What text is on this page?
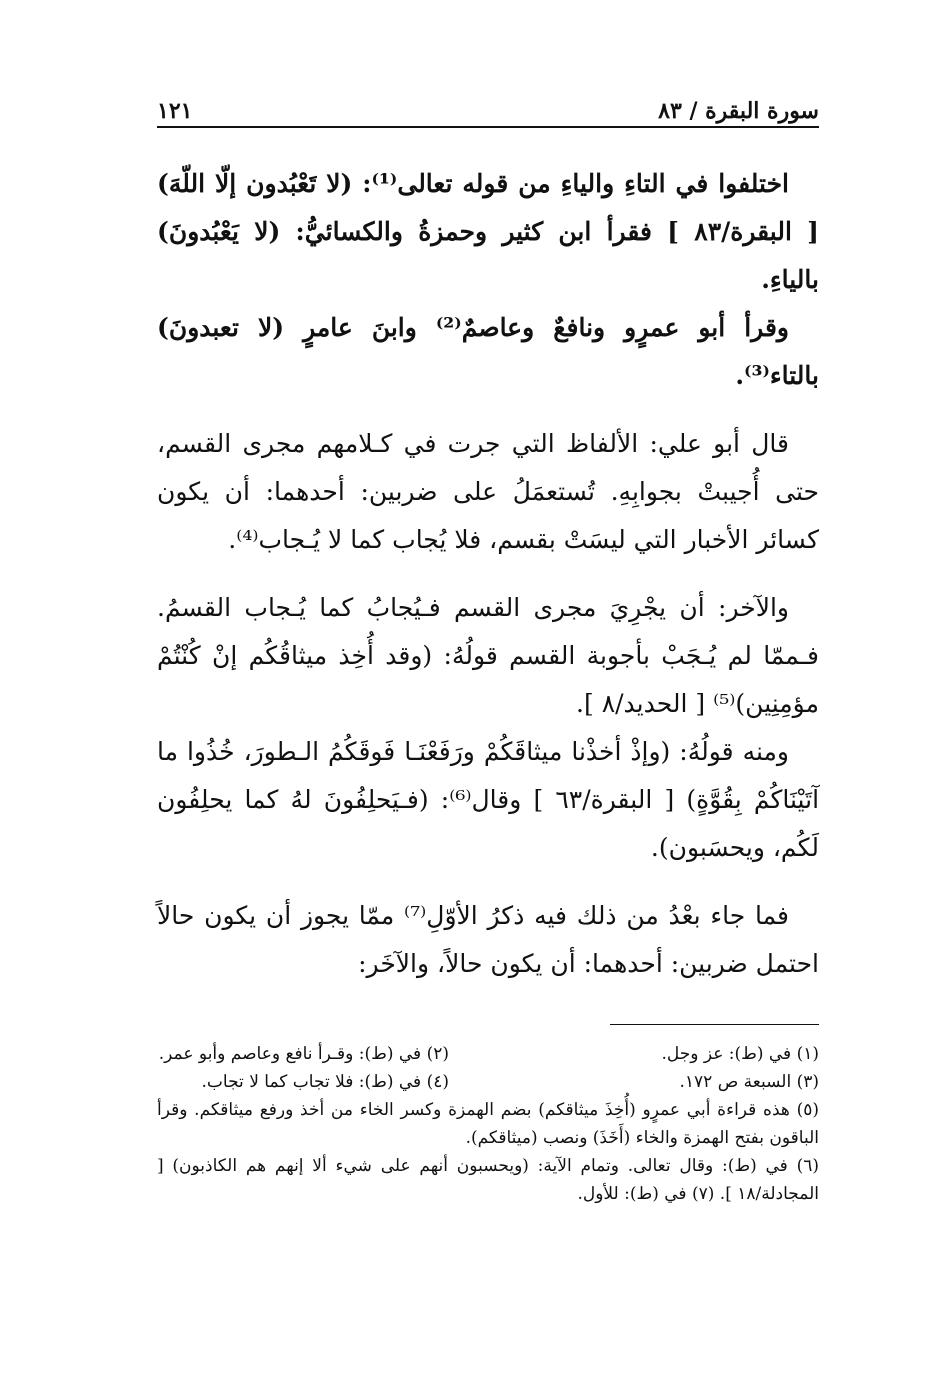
سورة البقرة / ٨٣
١٢١

اختلفوا في التاءِ والياءِ من قوله تعالى⁽¹⁾: (لا تَعْبُدون إلّا اللّهَ) [ البقرة/٨٣ ] فقرأ ابن كثير وحمزةُ والكسائيُّ: (لا يَعْبُدونَ) بالياءِ.

وقرأ أبو عمرٍو ونافعٌ وعاصمٌ⁽²⁾ وابنَ عامرٍ (لا تعبدونَ) بالتاء⁽³⁾.

قال أبو علي: الألفاظ التي جرت في كـلامهم مجرى القسم، حتى أُجيبتْ بجوابِهِ. تُستعمَلُ على ضربين: أحدهما: أن يكون كسائر الأخبار التي ليسَتْ بقسم، فلا يُجاب كما لا يُـجاب⁽⁴⁾.

والآخر: أن يجْرِيَ مجرى القسم فـيُجابُ كما يُـجاب القسمُ. فـممّا لم يُـجَبْ بأجوبة القسم قولُهُ: (وقد أُخِذ ميثاقُكُم إنْ كُنْتُمْ مؤمِنِين)⁽⁵⁾ [ الحديد/٨ ].

ومنه قولُهُ: (وإذْ أخذْنا ميثاقَكُمْ ورَفَعْنَـا فَوقَكُمُ الـطورَ، خُذُوا ما آتَيْنَاكُمْ بِقُوَّةٍ) [ البقرة/٦٣ ] وقال⁽⁶⁾: (فـيَحلِفُونَ لهُ كما يحلِفُون لَكُم، ويحسَبون).

فما جاء بعْدُ من ذلك فيه ذكرُ الأوّلِ⁽⁷⁾ ممّا يجوز أن يكون حالاً احتمل ضربين: أحدهما: أن يكون حالاً، والآخَر:

(١) في (ط): عز وجل.
(٢) في (ط): وقـرأ نافع وعاصم وأبو عمر.
(٣) السبعة ص ١٧٢.
(٤) في (ط): فلا تجاب كما لا تجاب.

(٥) هذه قراءة أبي عمرٍو (أُخِذَ ميثاقكم) بضم الهمزة وكسر الخاء من أخذ ورفع ميثاقكم. وقرأ الباقون بفتح الهمزة والخاء (أَخَذَ) ونصب (ميثاقكم).

(٦) في (ط): وقال تعالى. وتمام الآية: (ويحسبون أنهم على شيء ألا إنهم هم الكاذبون) [ المجادلة/١٨ ]. (٧) في (ط): للأول.
